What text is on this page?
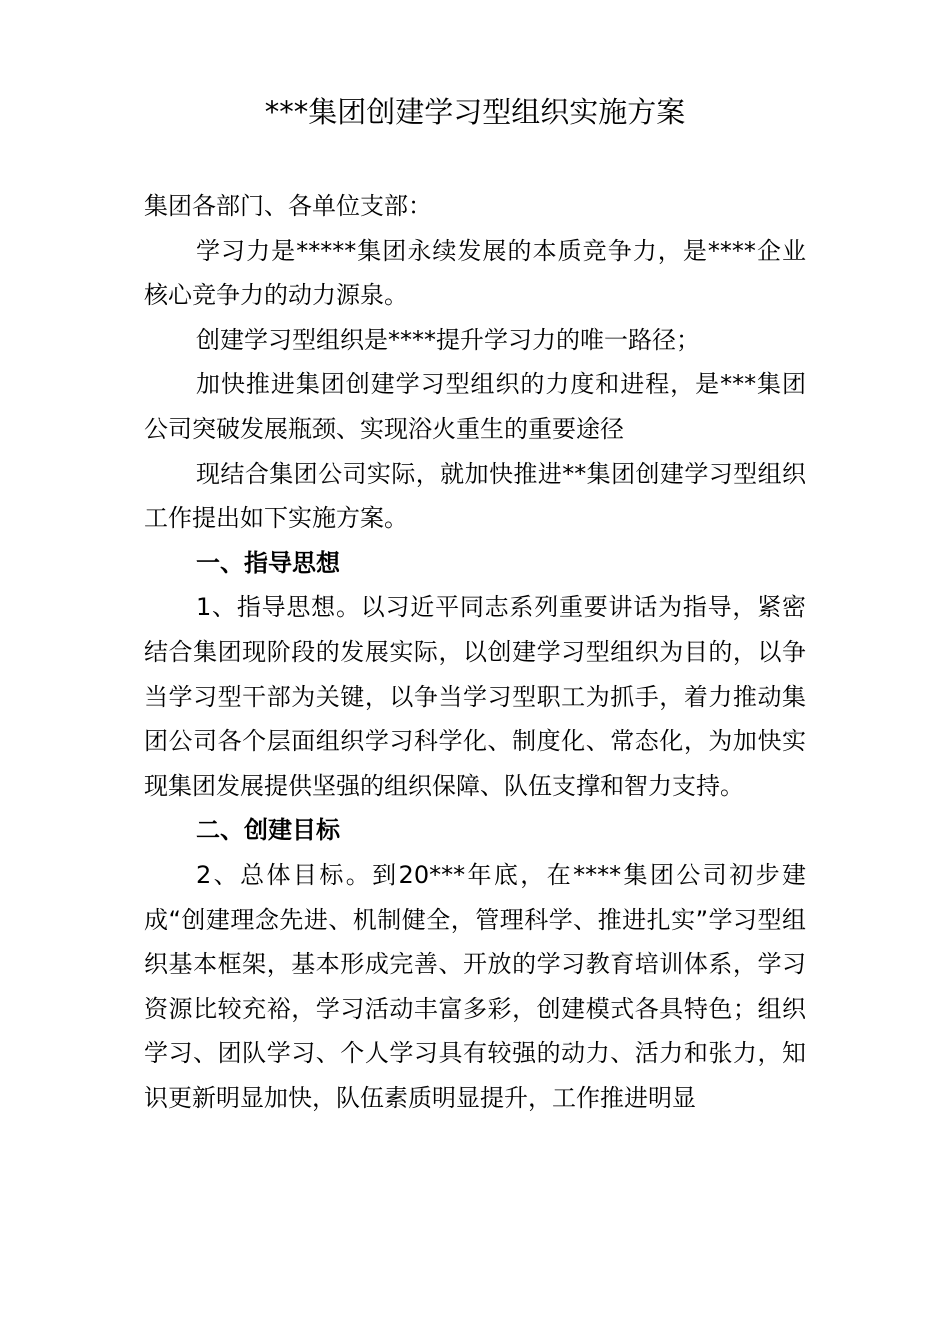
***集团创建学习型组织实施方案

集团各部门、各单位支部：

学习力是*****集团永续发展的本质竞争力，是****企业核心竞争力的动力源泉。

创建学习型组织是****提升学习力的唯一路径；

加快推进集团创建学习型组织的力度和进程，是***集团公司突破发展瓶颈、实现浴火重生的重要途径

现结合集团公司实际，就加快推进**集团创建学习型组织工作提出如下实施方案。

一、指导思想

1、指导思想。以习近平同志系列重要讲话为指导，紧密结合集团现阶段的发展实际，以创建学习型组织为目的，以争当学习型干部为关键，以争当学习型职工为抓手，着力推动集团公司各个层面组织学习科学化、制度化、常态化，为加快实现集团发展提供坚强的组织保障、队伍支撑和智力支持。

二、创建目标

2、总体目标。到20***年底，在****集团公司初步建成“创建理念先进、机制健全，管理科学、推进扎实”学习型组织基本框架，基本形成完善、开放的学习教育培训体系，学习资源比较充裕，学习活动丰富多彩，创建模式各具特色；组织学习、团队学习、个人学习具有较强的动力、活力和张力，知识更新明显加快，队伍素质明显提升，工作推进明显
